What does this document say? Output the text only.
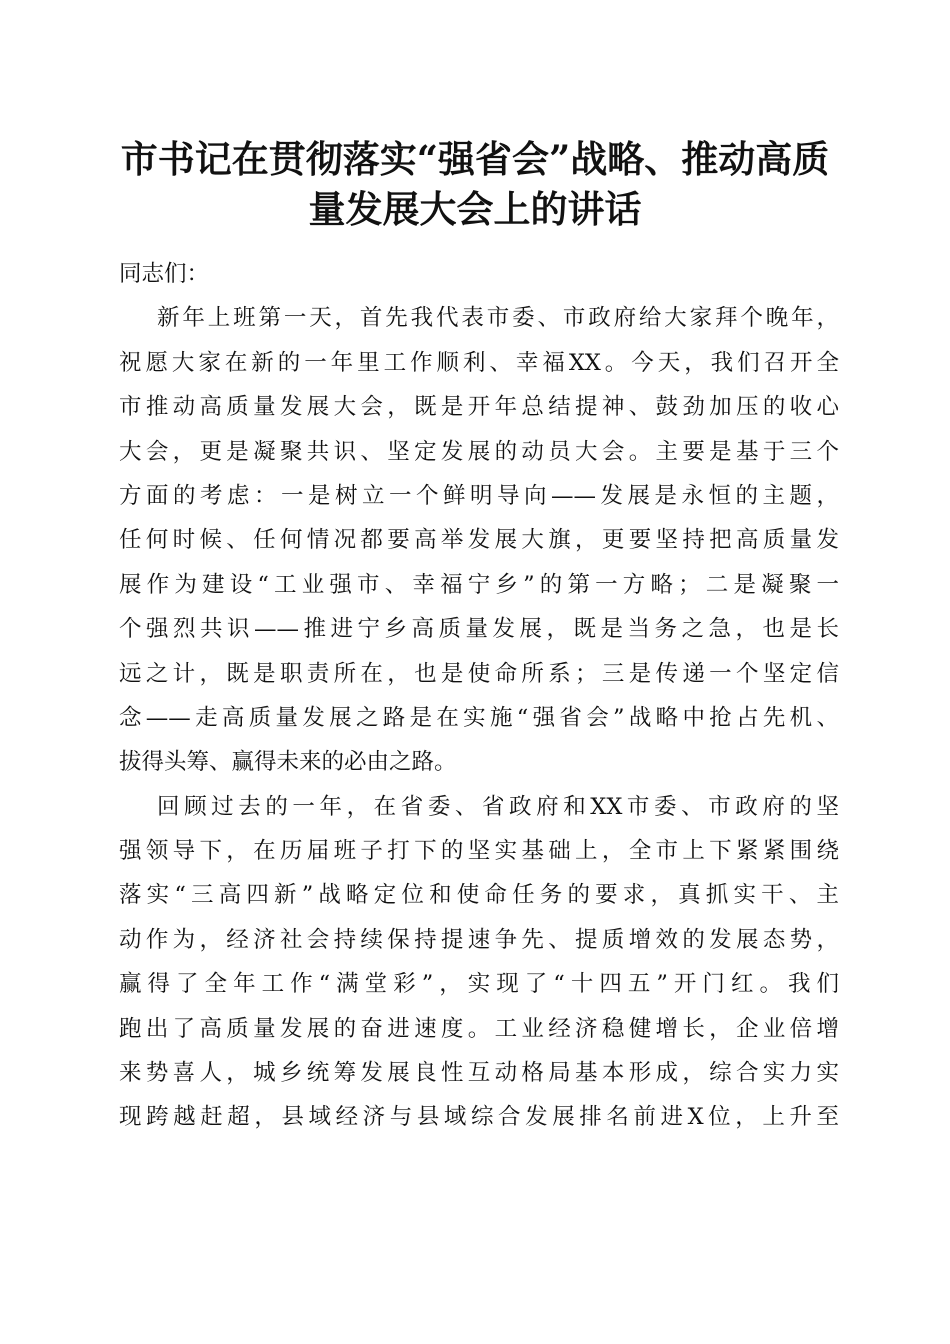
市书记在贯彻落实“强省会”战略、推动高质
量发展大会上的讲话
同志们：
新年上班第一天，首先我代表市委、市政府给大家拜个晚年，
祝愿大家在新的一年里工作顺利、幸福XX。今天，我们召开全
市推动高质量发展大会，既是开年总结提神、鼓劲加压的收心
大会，更是凝聚共识、坚定发展的动员大会。主要是基于三个
方面的考虑：一是树立一个鲜明导向——发展是永恒的主题，
任何时候、任何情况都要高举发展大旗，更要坚持把高质量发
展作为建设“工业强市、幸福宁乡”的第一方略；二是凝聚一
个强烈共识——推进宁乡高质量发展，既是当务之急，也是长
远之计，既是职责所在，也是使命所系；三是传递一个坚定信
念——走高质量发展之路是在实施“强省会”战略中抢占先机、
拔得头筹、赢得未来的必由之路。
回顾过去的一年，在省委、省政府和XX市委、市政府的坚
强领导下，在历届班子打下的坚实基础上，全市上下紧紧围绕
落实“三高四新”战略定位和使命任务的要求，真抓实干、主
动作为，经济社会持续保持提速争先、提质增效的发展态势，
赢得了全年工作“满堂彩”，实现了“十四五”开门红。我们
跑出了高质量发展的奋进速度。工业经济稳健增长，企业倍增
来势喜人，城乡统筹发展良性互动格局基本形成，综合实力实
现跨越赶超，县域经济与县域综合发展排名前进X位，上升至
